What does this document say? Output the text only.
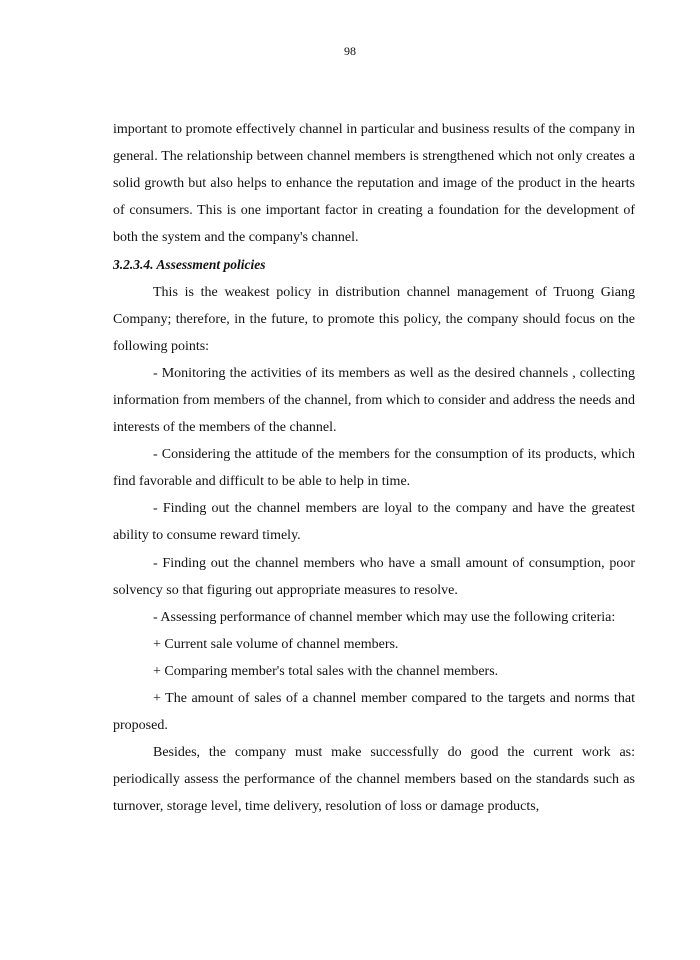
98

important to promote effectively channel in particular and business results of the company in general. The relationship between channel members is strengthened which not only creates a solid growth but also helps to enhance the reputation and image of the product in the hearts of consumers. This is one important factor in creating a foundation for the development of both the system and the company's channel.

3.2.3.4. Assessment policies

This is the weakest policy in distribution channel management of Truong Giang Company; therefore, in the future, to promote this policy, the company should focus on the following points:

- Monitoring the activities of its members as well as the desired channels , collecting information from members of the channel, from which to consider and address the needs and interests of the members of the channel.

- Considering the attitude of the members for the consumption of its products, which find favorable and difficult to be able to help in time.

- Finding out the channel members are loyal to the company and have the greatest ability to consume reward timely.

- Finding out the channel members who have a small amount of consumption, poor solvency so that figuring out appropriate measures to resolve.

- Assessing performance of channel member which may use the following criteria:

+ Current sale volume of channel members.

+ Comparing member's total sales with the channel members.

+ The amount of sales of a channel member compared to the targets and norms that proposed.

Besides, the company must make successfully do good the current work as: periodically assess the performance of the channel members based on the standards such as turnover, storage level, time delivery, resolution of loss or damage products,
